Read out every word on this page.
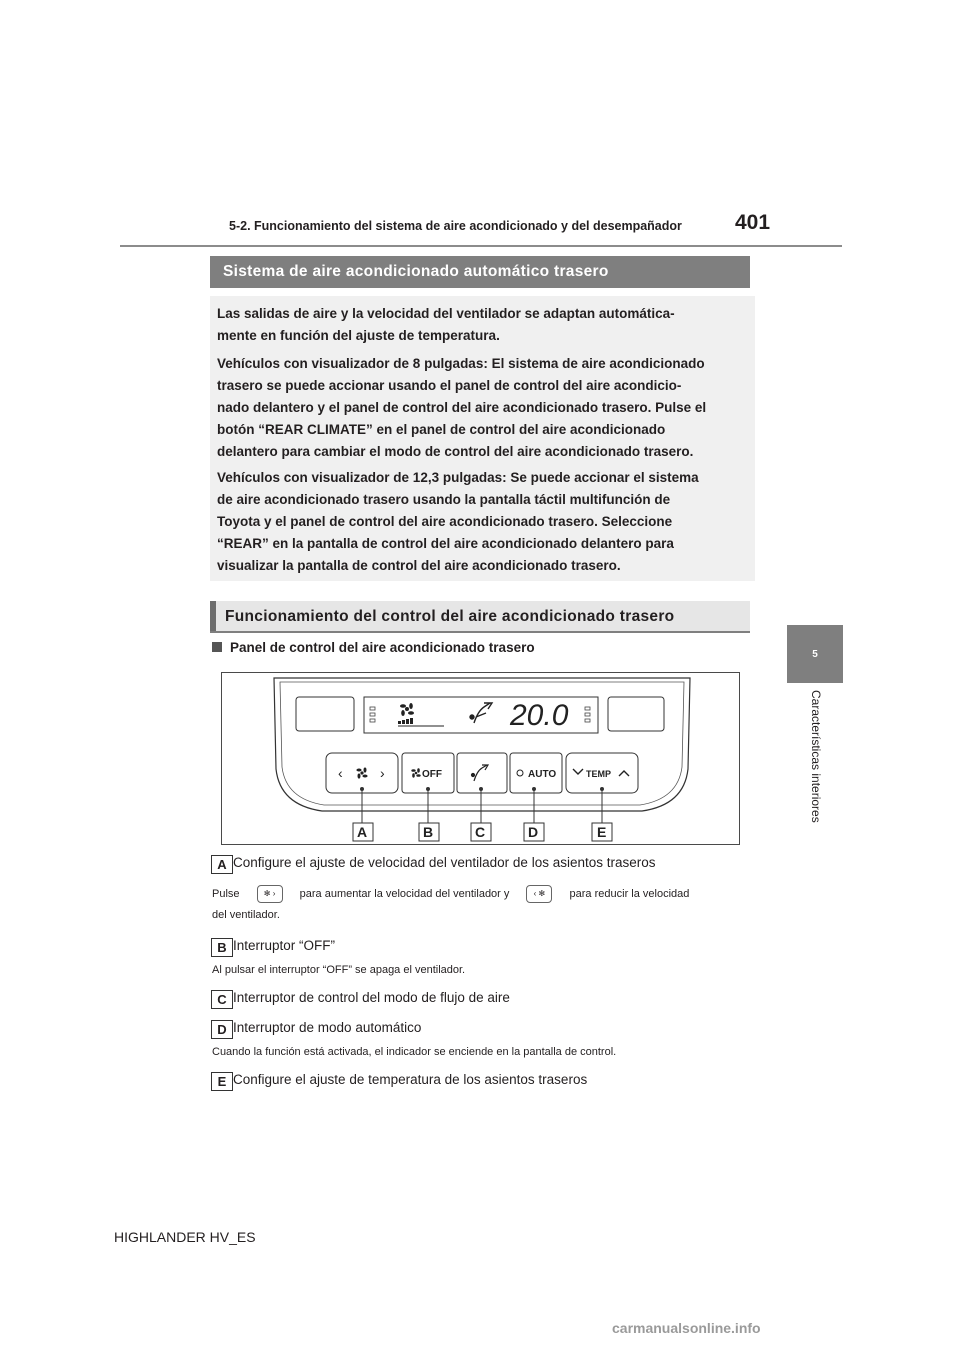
401
5-2. Funcionamiento del sistema de aire acondicionado y del desempañador
5
Características interiores
Sistema de aire acondicionado automático trasero

Las salidas de aire y la velocidad del ventilador se adaptan automática-
mente en función del ajuste de temperatura.

Vehículos con visualizador de 8 pulgadas: El sistema de aire acondicionado
trasero se puede accionar usando el panel de control del aire acondicio-
nado delantero y el panel de control del aire acondicionado trasero. Pulse el
botón “REAR CLIMATE” en el panel de control del aire acondicionado
delantero para cambiar el modo de control del aire acondicionado trasero.

Vehículos con visualizador de 12,3 pulgadas: Se puede accionar el sistema
de aire acondicionado trasero usando la pantalla táctil multifunción de
Toyota y el panel de control del aire acondicionado trasero. Seleccione
“REAR” en la pantalla de control del aire acondicionado delantero para
visualizar la pantalla de control del aire acondicionado trasero.

Funcionamiento del control del aire acondicionado trasero
Panel de control del aire acondicionado trasero
20.0
‹	›	OFF	AUTO	TEMP
A	B	C	D	E
A Configure el ajuste de velocidad del ventilador de los asientos traseros
Pulse	✻ › para aumentar la velocidad del ventilador y	‹ ✻ para reducir la velocidad
del ventilador.
B Interruptor “OFF”
Al pulsar el interruptor “OFF” se apaga el ventilador.
C Interruptor de control del modo de flujo de aire
D Interruptor de modo automático
Cuando la función está activada, el indicador se enciende en la pantalla de control.
E Configure el ajuste de temperatura de los asientos traseros
HIGHLANDER HV_ES
carmanualsonline.info
